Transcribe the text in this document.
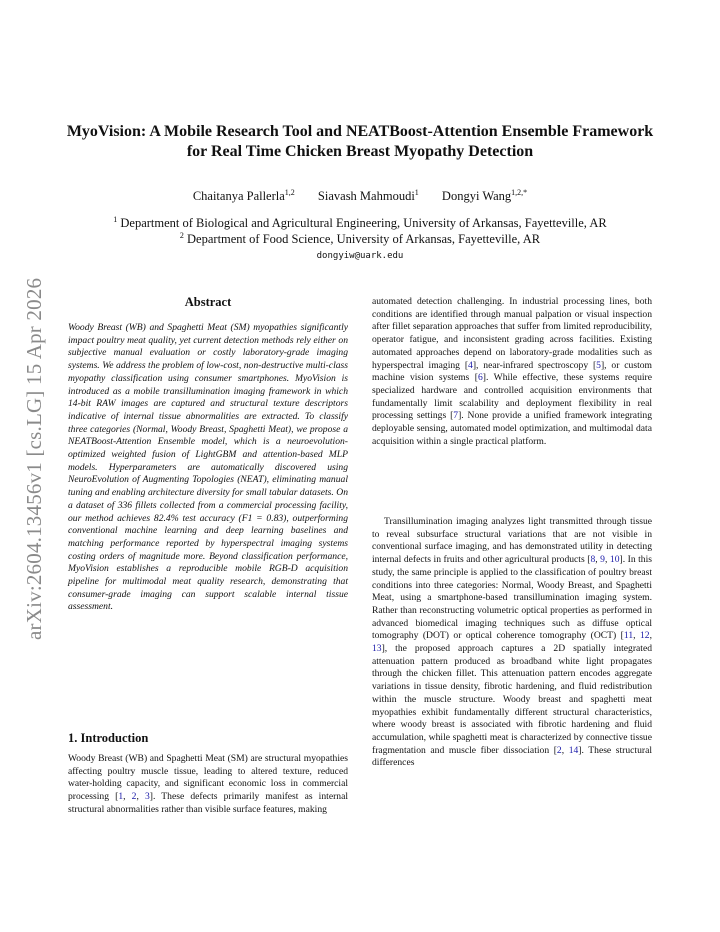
arXiv:2604.13456v1 [cs.LG] 15 Apr 2026
MyoVision: A Mobile Research Tool and NEATBoost-Attention Ensemble Framework for Real Time Chicken Breast Myopathy Detection
Chaitanya Pallerla$^{1,2}$ Siavash Mahmoudi$^1$ Dongyi Wang$^{1,2,*}$
$^1$ Department of Biological and Agricultural Engineering, University of Arkansas, Fayetteville, AR
$^2$ Department of Food Science, University of Arkansas, Fayetteville, AR
dongyiw@uark.edu
Abstract

Woody Breast (WB) and Spaghetti Meat (SM) myopathies significantly impact poultry meat quality, yet current detection methods rely either on subjective manual evaluation or costly laboratory-grade imaging systems. We address the problem of low-cost, non-destructive multi-class myopathy classification using consumer smartphones. MyoVision is introduced as a mobile transillumination imaging framework in which 14-bit RAW images are captured and structural texture descriptors indicative of internal tissue abnormalities are extracted. To classify three categories (Normal, Woody Breast, Spaghetti Meat), we propose a NEATBoost-Attention Ensemble model, which is a neuroevolution-optimized weighted fusion of LightGBM and attention-based MLP models. Hyperparameters are automatically discovered using NeuroEvolution of Augmenting Topologies (NEAT), eliminating manual tuning and enabling architecture diversity for small tabular datasets. On a dataset of 336 fillets collected from a commercial processing facility, our method achieves 82.4% test accuracy (F1 = 0.83), outperforming conventional machine learning and deep learning baselines and matching performance reported by hyperspectral imaging systems costing orders of magnitude more. Beyond classification performance, MyoVision establishes a reproducible mobile RGB-D acquisition pipeline for multimodal meat quality research, demonstrating that consumer-grade imaging can support scalable internal tissue assessment.

1. Introduction

Woody Breast (WB) and Spaghetti Meat (SM) are structural myopathies affecting poultry muscle tissue, leading to altered texture, reduced water-holding capacity, and significant economic loss in commercial processing [1, 2, 3]. These defects primarily manifest as internal structural abnormalities rather than visible surface features, making

automated detection challenging. In industrial processing lines, both conditions are identified through manual palpation or visual inspection after fillet separation approaches that suffer from limited reproducibility, operator fatigue, and inconsistent grading across facilities. Existing automated approaches depend on laboratory-grade modalities such as hyperspectral imaging [4], near-infrared spectroscopy [5], or custom machine vision systems [6]. While effective, these systems require specialized hardware and controlled acquisition environments that fundamentally limit scalability and deployment flexibility in real processing settings [7]. None provide a unified framework integrating deployable sensing, automated model optimization, and multimodal data acquisition within a single practical platform.

Transillumination imaging analyzes light transmitted through tissue to reveal subsurface structural variations that are not visible in conventional surface imaging, and has demonstrated utility in detecting internal defects in fruits and other agricultural products [8, 9, 10]. In this study, the same principle is applied to the classification of poultry breast conditions into three categories: Normal, Woody Breast, and Spaghetti Meat, using a smartphone-based transillumination imaging system. Rather than reconstructing volumetric optical properties as performed in advanced biomedical imaging techniques such as diffuse optical tomography (DOT) or optical coherence tomography (OCT) [11, 12, 13], the proposed approach captures a 2D spatially integrated attenuation pattern produced as broadband white light propagates through the chicken fillet. This attenuation pattern encodes aggregate variations in tissue density, fibrotic hardening, and fluid redistribution within the muscle structure. Woody breast and spaghetti meat myopathies exhibit fundamentally different structural characteristics, where woody breast is associated with fibrotic hardening and fluid accumulation, while spaghetti meat is characterized by connective tissue fragmentation and muscle fiber dissociation [2, 14]. These structural differences
